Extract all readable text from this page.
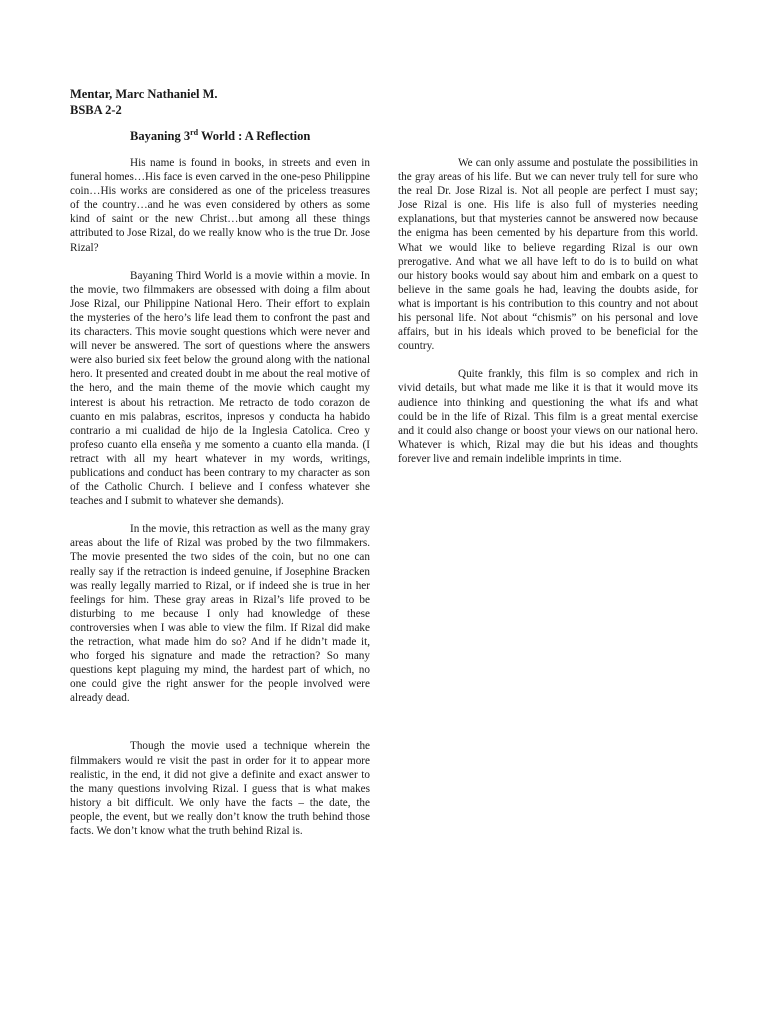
Mentar, Marc Nathaniel M.
BSBA 2-2
Bayaning 3rd World : A Reflection

His name is found in books, in streets and even in funeral homes…His face is even carved in the one-peso Philippine coin…His works are considered as one of the priceless treasures of the country…and he was even considered by others as some kind of saint or the new Christ…but among all these things attributed to Jose Rizal, do we really know who is the true Dr. Jose Rizal?

Bayaning Third World is a movie within a movie. In the movie, two filmmakers are obsessed with doing a film about Jose Rizal, our Philippine National Hero. Their effort to explain the mysteries of the hero’s life lead them to confront the past and its characters. This movie sought questions which were never and will never be answered. The sort of questions where the answers were also buried six feet below the ground along with the national hero. It presented and created doubt in me about the real motive of the hero, and the main theme of the movie which caught my interest is about his retraction. Me retracto de todo corazon de cuanto en mis palabras, escritos, inpresos y conducta ha habido contrario a mi cualidad de hijo de la Inglesia Catolica. Creo y profeso cuanto ella enseña y me somento a cuanto ella manda. (I retract with all my heart whatever in my words, writings, publications and conduct has been contrary to my character as son of the Catholic Church. I believe and I confess whatever she teaches and I submit to whatever she demands).

In the movie, this retraction as well as the many gray areas about the life of Rizal was probed by the two filmmakers. The movie presented the two sides of the coin, but no one can really say if the retraction is indeed genuine, if Josephine Bracken was really legally married to Rizal, or if indeed she is true in her feelings for him. These gray areas in Rizal’s life proved to be disturbing to me because I only had knowledge of these controversies when I was able to view the film. If Rizal did make the retraction, what made him do so? And if he didn’t made it, who forged his signature and made the retraction? So many questions kept plaguing my mind, the hardest part of which, no one could give the right answer for the people involved were already dead.

Though the movie used a technique wherein the filmmakers would re visit the past in order for it to appear more realistic, in the end, it did not give a definite and exact answer to the many questions involving Rizal. I guess that is what makes history a bit difficult. We only have the facts – the date, the people, the event, but we really don’t know the truth behind those facts. We don’t know what the truth behind Rizal is.

We can only assume and postulate the possibilities in the gray areas of his life. But we can never truly tell for sure who the real Dr. Jose Rizal is. Not all people are perfect I must say; Jose Rizal is one. His life is also full of mysteries needing explanations, but that mysteries cannot be answered now because the enigma has been cemented by his departure from this world. What we would like to believe regarding Rizal is our own prerogative. And what we all have left to do is to build on what our history books would say about him and embark on a quest to believe in the same goals he had, leaving the doubts aside, for what is important is his contribution to this country and not about his personal life. Not about “chismis” on his personal and love affairs, but in his ideals which proved to be beneficial for the country.

Quite frankly, this film is so complex and rich in vivid details, but what made me like it is that it would move its audience into thinking and questioning the what ifs and what could be in the life of Rizal. This film is a great mental exercise and it could also change or boost your views on our national hero. Whatever is which, Rizal may die but his ideas and thoughts forever live and remain indelible imprints in time.
